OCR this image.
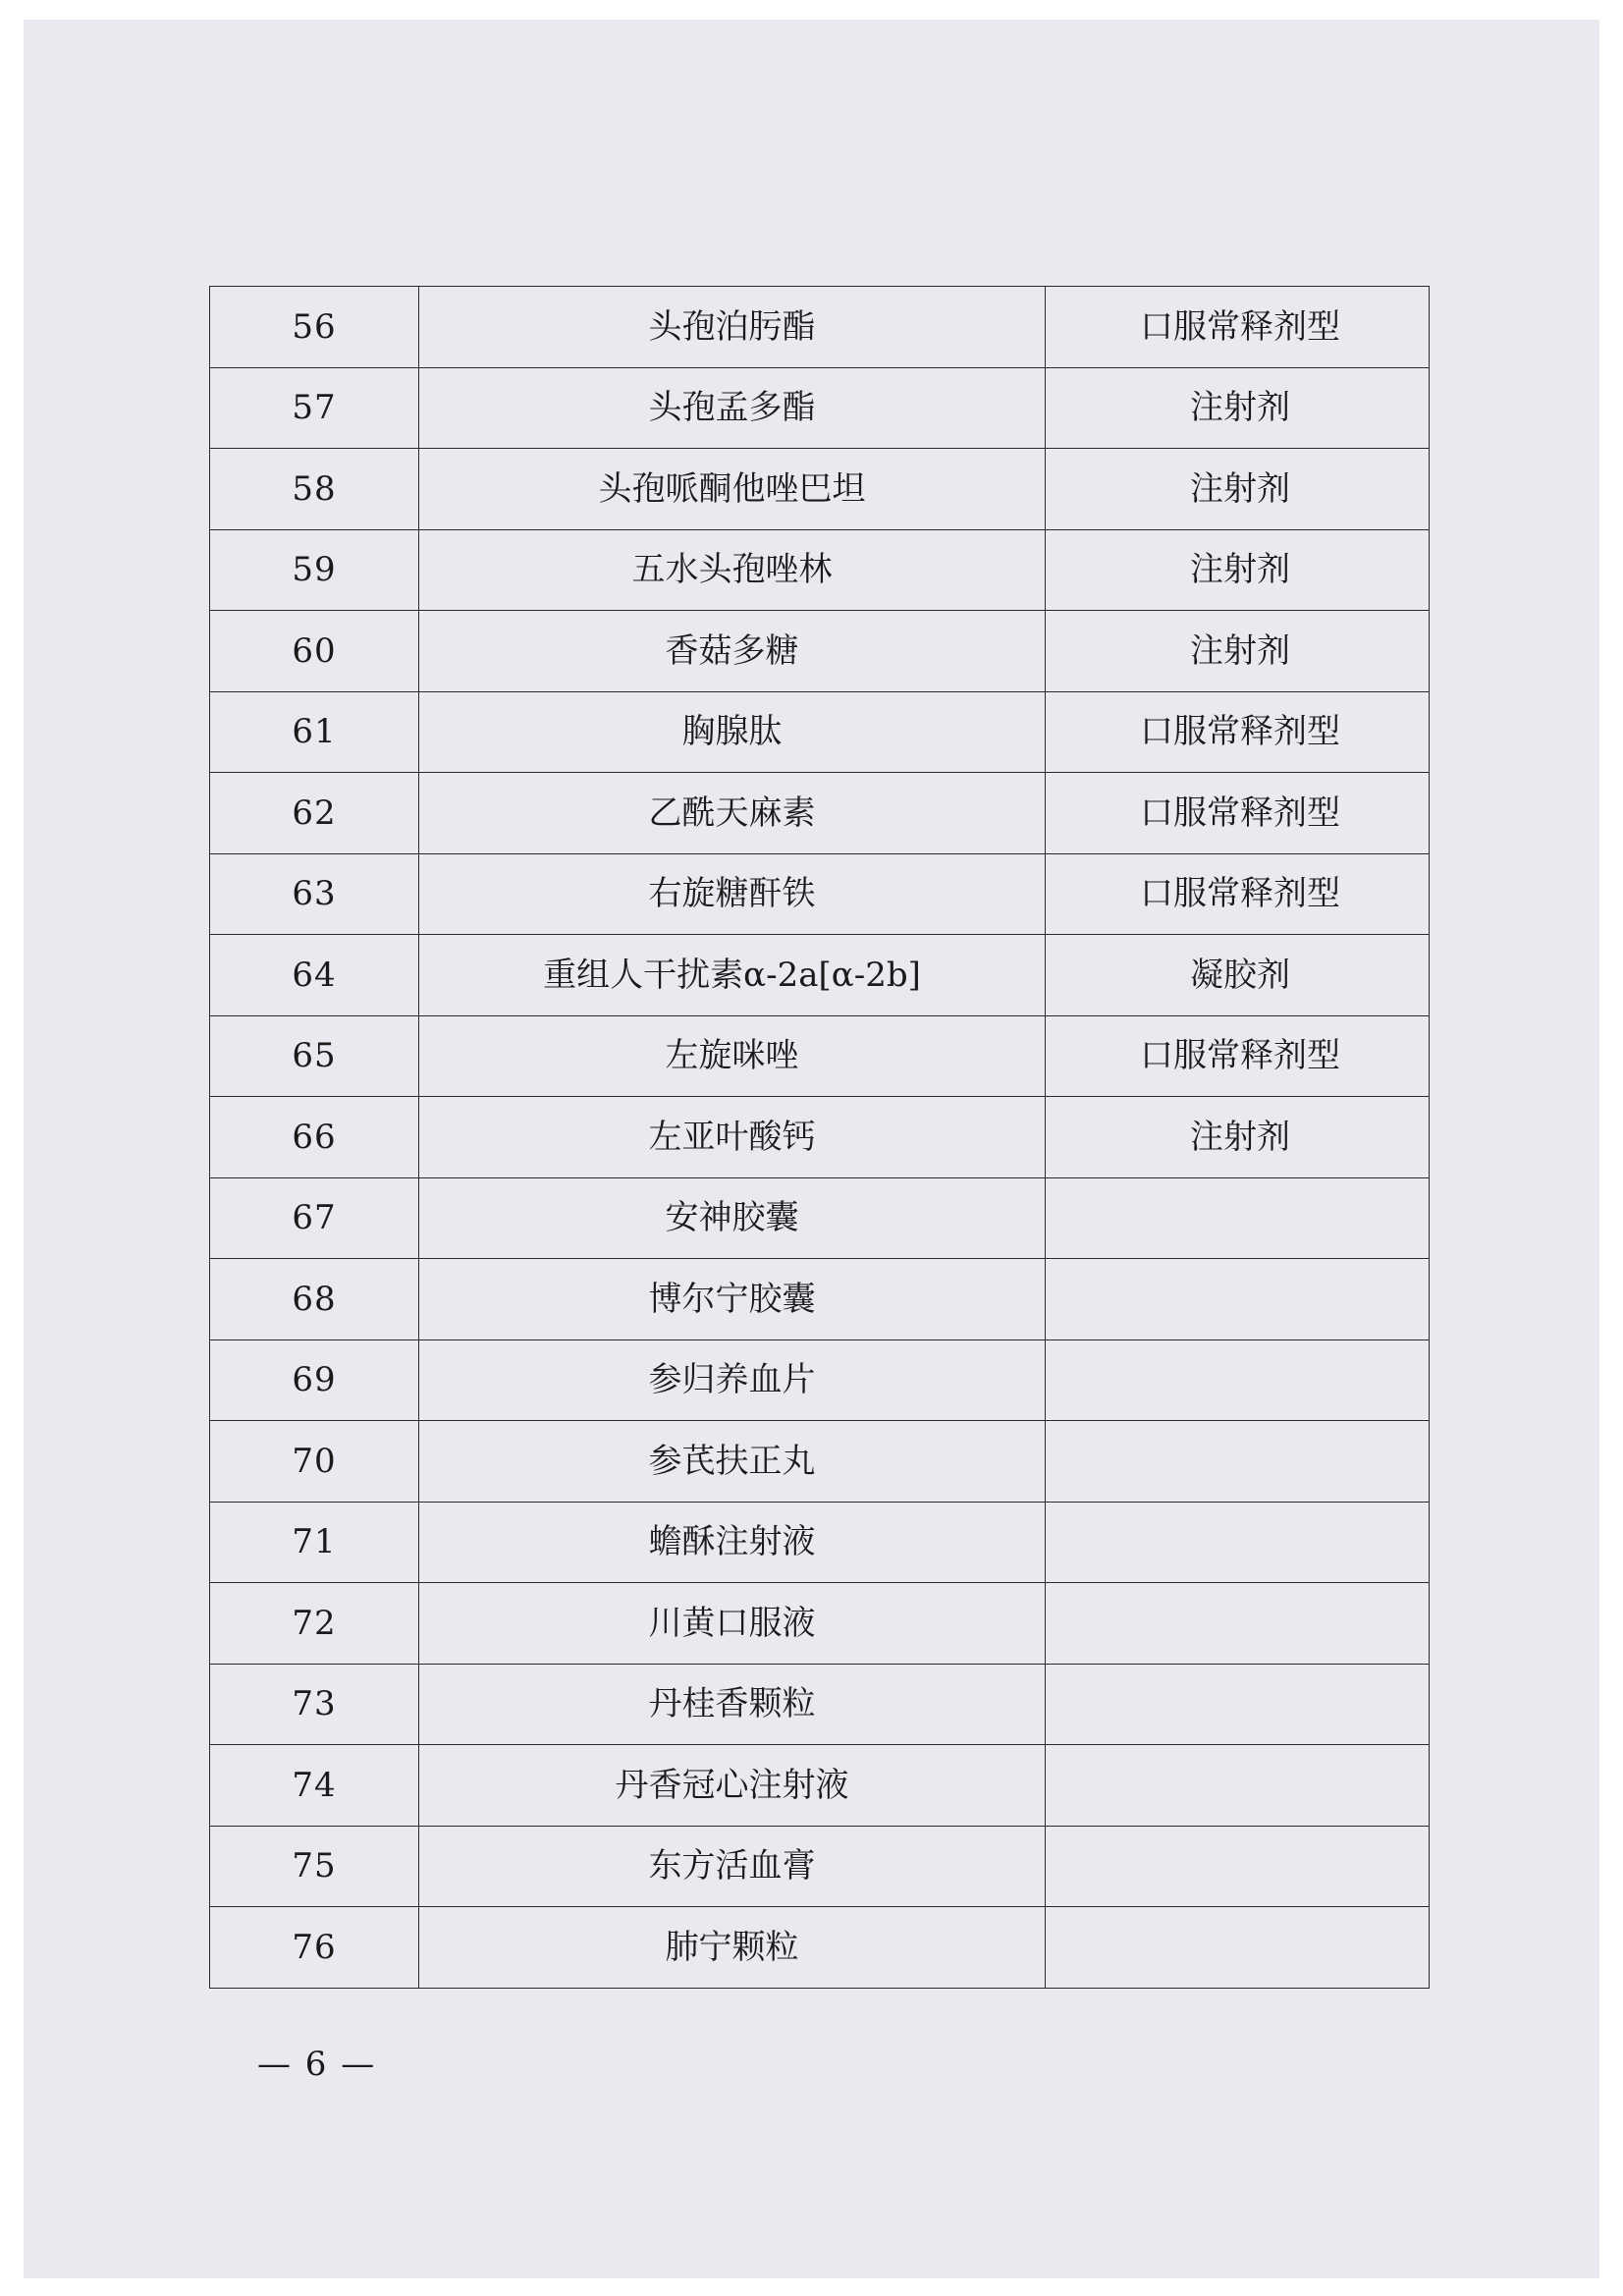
56	头孢泊肟酯	口服常释剂型
57	头孢孟多酯	注射剂
58	头孢哌酮他唑巴坦	注射剂
59	五水头孢唑林	注射剂
60	香菇多糖	注射剂
61	胸腺肽	口服常释剂型
62	乙酰天麻素	口服常释剂型
63	右旋糖酐铁	口服常释剂型
64	重组人干扰素α-2a[α-2b]	凝胶剂
65	左旋咪唑	口服常释剂型
66	左亚叶酸钙	注射剂
67	安神胶囊	
68	博尔宁胶囊	
69	参归养血片	
70	参芪扶正丸	
71	蟾酥注射液	
72	川黄口服液	
73	丹桂香颗粒	
74	丹香冠心注射液	
75	东方活血膏	
76	肺宁颗粒	
— 6 —
